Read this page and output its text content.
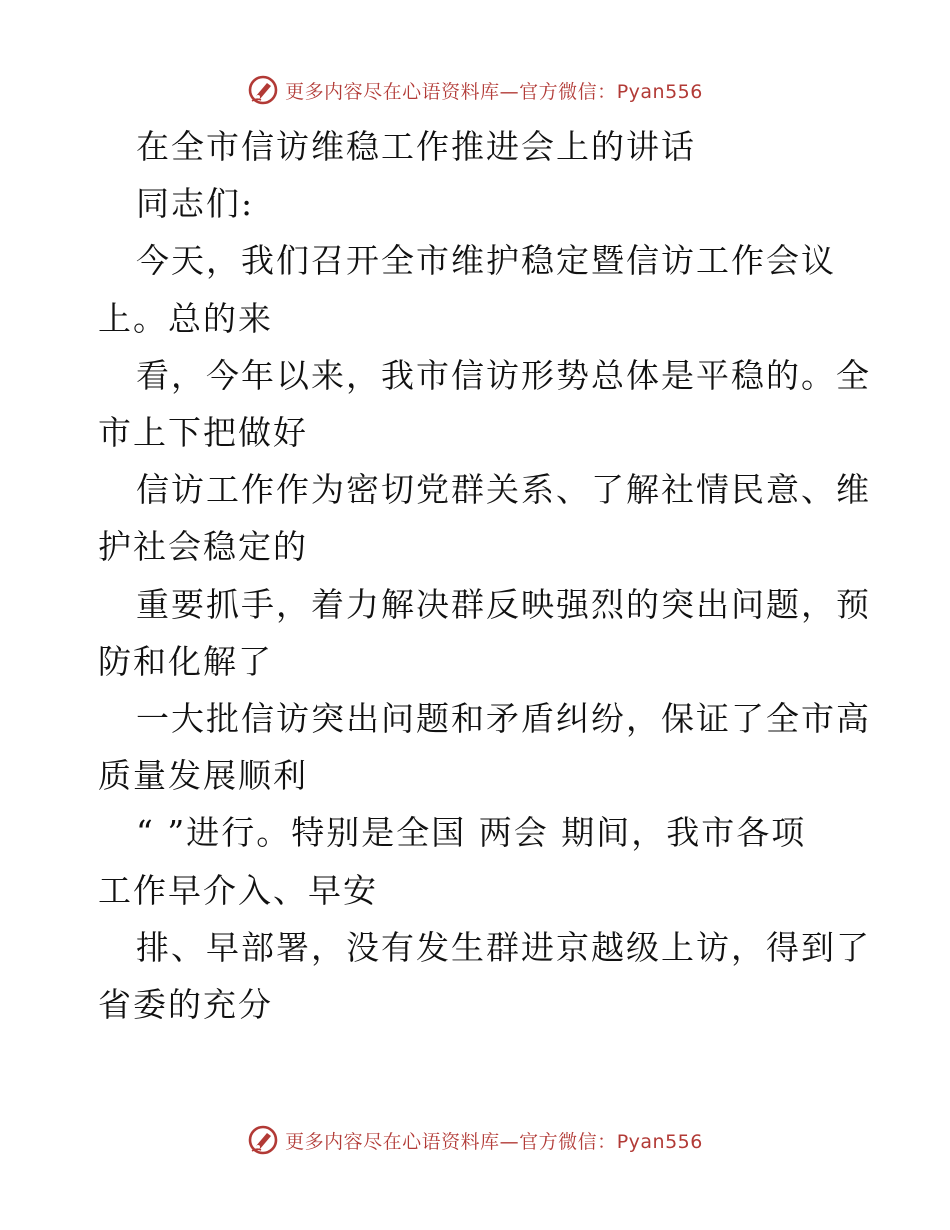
更多内容尽在心语资料库—官方微信：Pyan556

在全市信访维稳工作推进会上的讲话

同志们:

今天，我们召开全市维护稳定暨信访工作会议

上。总的来

看，今年以来，我市信访形势总体是平稳的。全

市上下把做好

信访工作作为密切党群关系、了解社情民意、维

护社会稳定的

重要抓手，着力解决群反映强烈的突出问题，预

防和化解了

一大批信访突出问题和矛盾纠纷，保证了全市高

质量发展顺利

“ ”进行。特别是全国 两会 期间，我市各项

工作早介入、早安

排、早部署，没有发生群进京越级上访，得到了

省委的充分

更多内容尽在心语资料库—官方微信：Pyan556
